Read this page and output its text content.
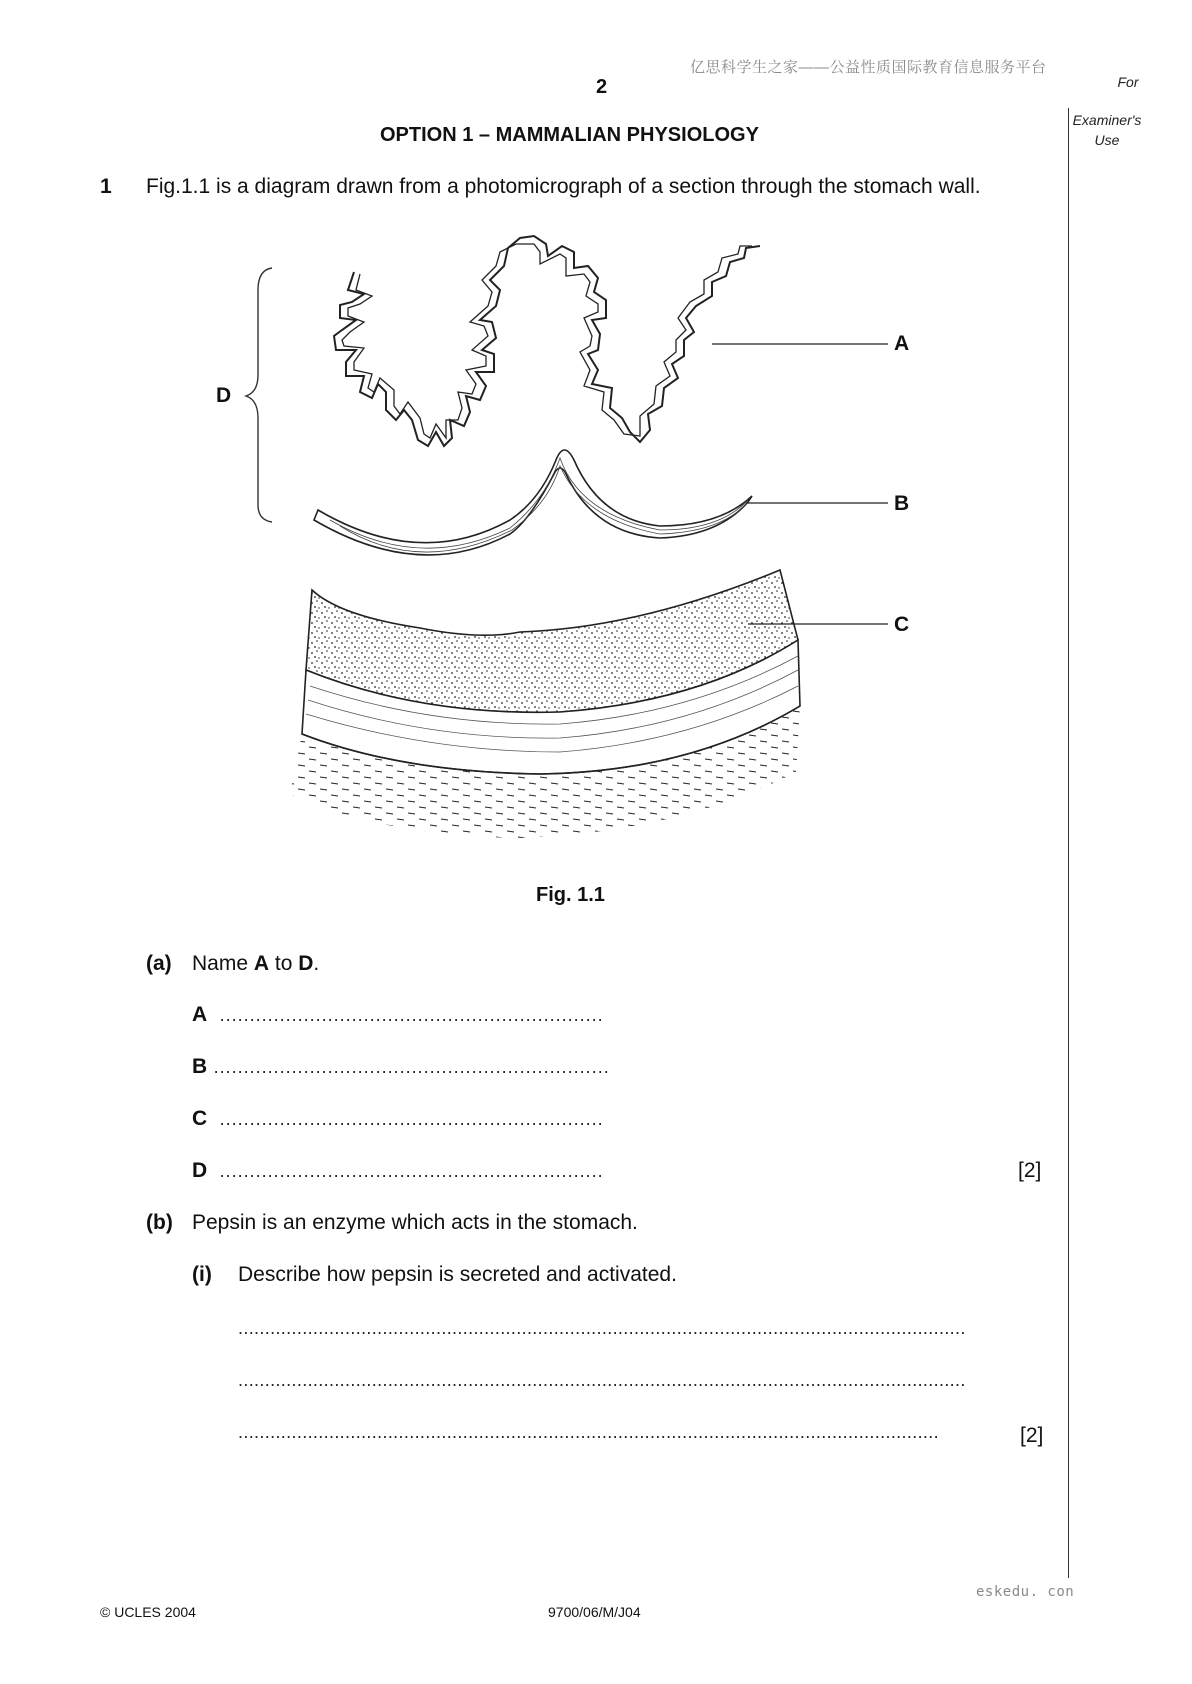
亿思科学生之家——公益性质国际教育信息服务平台
2	For
Examiner's
Use
OPTION 1 – MAMMALIAN PHYSIOLOGY
1 Fig.1.1 is a diagram drawn from a photomicrograph of a section through the stomach wall.
A
B
C
D
Fig. 1.1
(a) Name A to D.
A ................................................................
B ..................................................................
C ................................................................
D ................................................................	[2]
(b) Pepsin is an enzyme which acts in the stomach.
(i) Describe how pepsin is secreted and activated.
........................................................................................................................................
........................................................................................................................................
...................................................................................................................................	[2]
eskedu. con
© UCLES 2004	9700/06/M/J04
